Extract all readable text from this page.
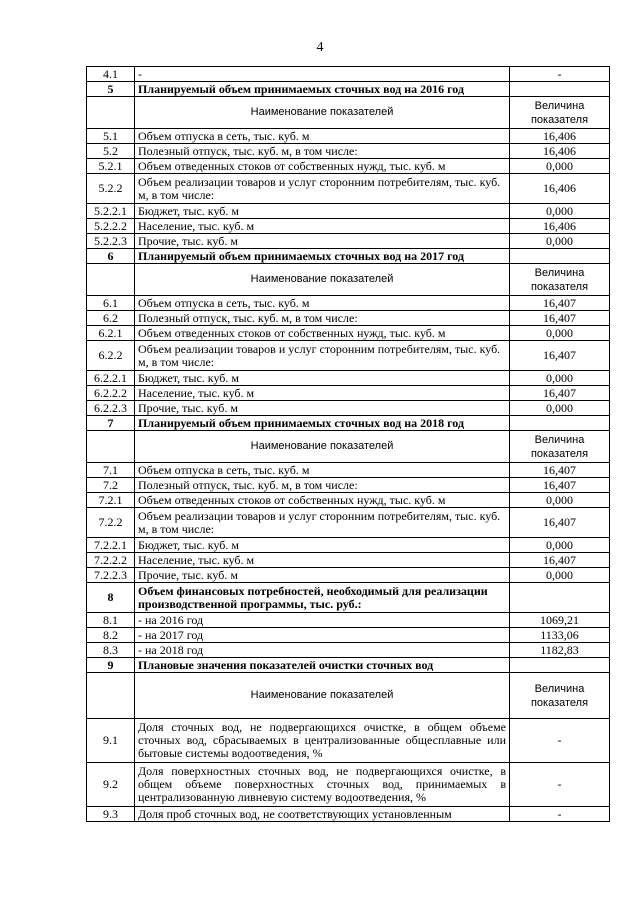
4
4.1	-	-
5	Планируемый объем принимаемых сточных вод на 2016 год	
	Наименование показателей	Величина показателя
5.1	Объем отпуска в сеть, тыс. куб. м	16,406
5.2	Полезный отпуск, тыс. куб. м, в том числе:	16,406
5.2.1	Объем отведенных стоков от собственных нужд, тыс. куб. м	0,000
5.2.2	Объем реализации товаров и услуг сторонним потребителям, тыс. куб. м, в том числе:	16,406
5.2.2.1	Бюджет, тыс. куб. м	0,000
5.2.2.2	Население, тыс. куб. м	16,406
5.2.2.3	Прочие, тыс. куб. м	0,000
6	Планируемый объем принимаемых сточных вод на 2017 год	
	Наименование показателей	Величина показателя
6.1	Объем отпуска в сеть, тыс. куб. м	16,407
6.2	Полезный отпуск, тыс. куб. м, в том числе:	16,407
6.2.1	Объем отведенных стоков от собственных нужд, тыс. куб. м	0,000
6.2.2	Объем реализации товаров и услуг сторонним потребителям, тыс. куб. м, в том числе:	16,407
6.2.2.1	Бюджет, тыс. куб. м	0,000
6.2.2.2	Население, тыс. куб. м	16,407
6.2.2.3	Прочие, тыс. куб. м	0,000
7	Планируемый объем принимаемых сточных вод на 2018 год	
	Наименование показателей	Величина показателя
7.1	Объем отпуска в сеть, тыс. куб. м	16,407
7.2	Полезный отпуск, тыс. куб. м, в том числе:	16,407
7.2.1	Объем отведенных стоков от собственных нужд, тыс. куб. м	0,000
7.2.2	Объем реализации товаров и услуг сторонним потребителям, тыс. куб. м, в том числе:	16,407
7.2.2.1	Бюджет, тыс. куб. м	0,000
7.2.2.2	Население, тыс. куб. м	16,407
7.2.2.3	Прочие, тыс. куб. м	0,000
8	Объем финансовых потребностей, необходимый для реализации производственной программы, тыс. руб.:	
8.1	- на 2016 год	1069,21
8.2	- на 2017 год	1133,06
8.3	- на 2018 год	1182,83
9	Плановые значения показателей очистки сточных вод	
	Наименование показателей	Величина показателя
9.1	Доля сточных вод, не подвергающихся очистке, в общем объеме сточных вод, сбрасываемых в централизованные общесплавные или бытовые системы водоотведения, %	-
9.2	Доля поверхностных сточных вод, не подвергающихся очистке, в общем объеме поверхностных сточных вод, принимаемых в централизованную ливневую систему водоотведения, %	-
9.3	Доля проб сточных вод, не соответствующих установленным	-
